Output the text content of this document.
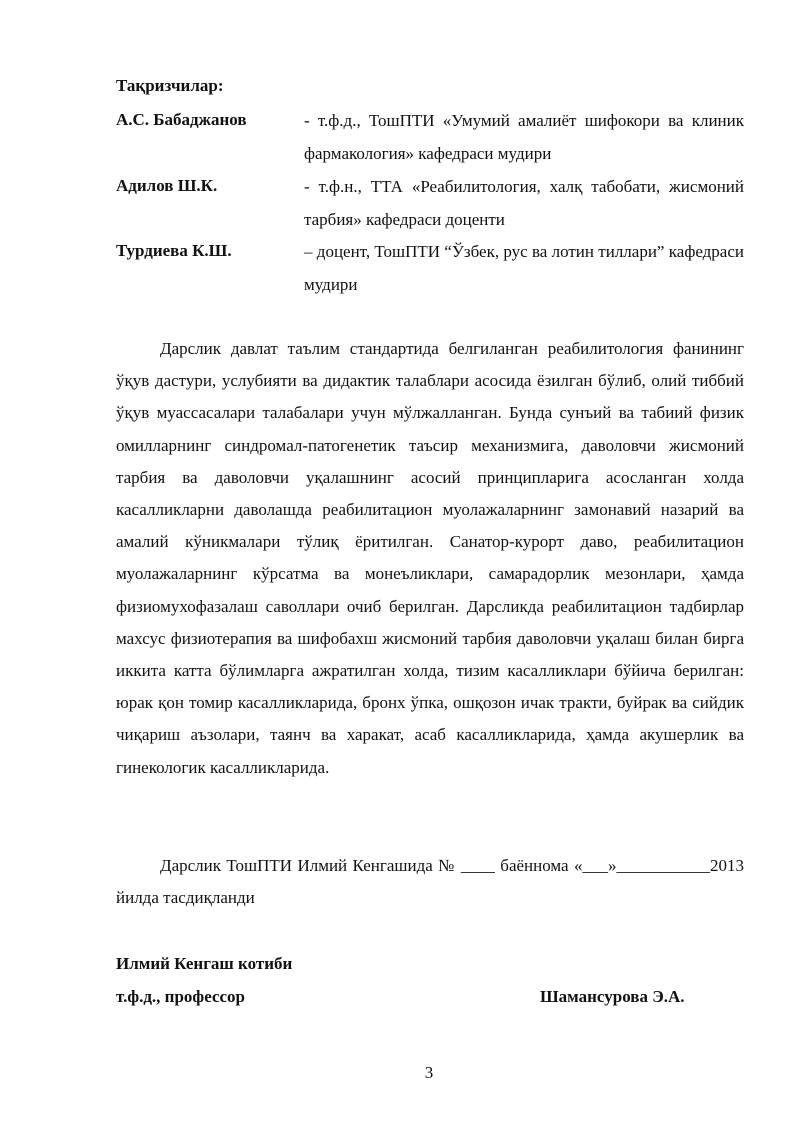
Тақризчилар:
А.С. Бабаджанов	- т.ф.д., ТошПТИ «Умумий амалиёт шифокори ва клиник фармакология» кафедраси мудири
Адилов Ш.К.	- т.ф.н., ТТА «Реабилитология, халқ табобати, жисмоний тарбия» кафедраси доценти
Турдиева К.Ш.	– доцент, ТошПТИ “Ўзбек, рус ва лотин тиллари” кафедраси мудири

Дарслик давлат таълим стандартида белгиланган реабилитология фанининг ўқув дастури, услубияти ва дидактик талаблари асосида ёзилган бўлиб, олий тиббий ўқув муассасалари талабалари учун мўлжалланган. Бунда сунъий ва табиий физик омилларнинг синдромал-патогенетик таъсир механизмига, даволовчи жисмоний тарбия ва даволовчи уқалашнинг асосий принципларига асосланган холда касалликларни даволашда реабилитацион муолажаларнинг замонавий назарий ва амалий кўникмалари тўлиқ ёритилган. Санатор-курорт даво, реабилитацион муолажаларнинг кўрсатма ва монеъликлари, самарадорлик мезонлари, ҳамда физиомухофазалаш саволлари очиб берилган. Дарсликда реабилитацион тадбирлар махсус физиотерапия ва шифобахш жисмоний тарбия даволовчи уқалаш билан бирга иккита катта бўлимларга ажратилган холда, тизим касалликлари бўйича берилган: юрак қон томир касалликларида, бронх ўпка, ошқозон ичак тракти, буйрак ва сийдик чиқариш аъзолари, таянч ва харакат, асаб касалликларида, ҳамда акушерлик ва гинекологик касалликларида.

Дарслик ТошПТИ Илмий Кенгашида № ____ баённома «___»___________2013 йилда тасдиқланди

Илмий Кенгаш котиби
т.ф.д., профессор	Шамансурова Э.А.
3
